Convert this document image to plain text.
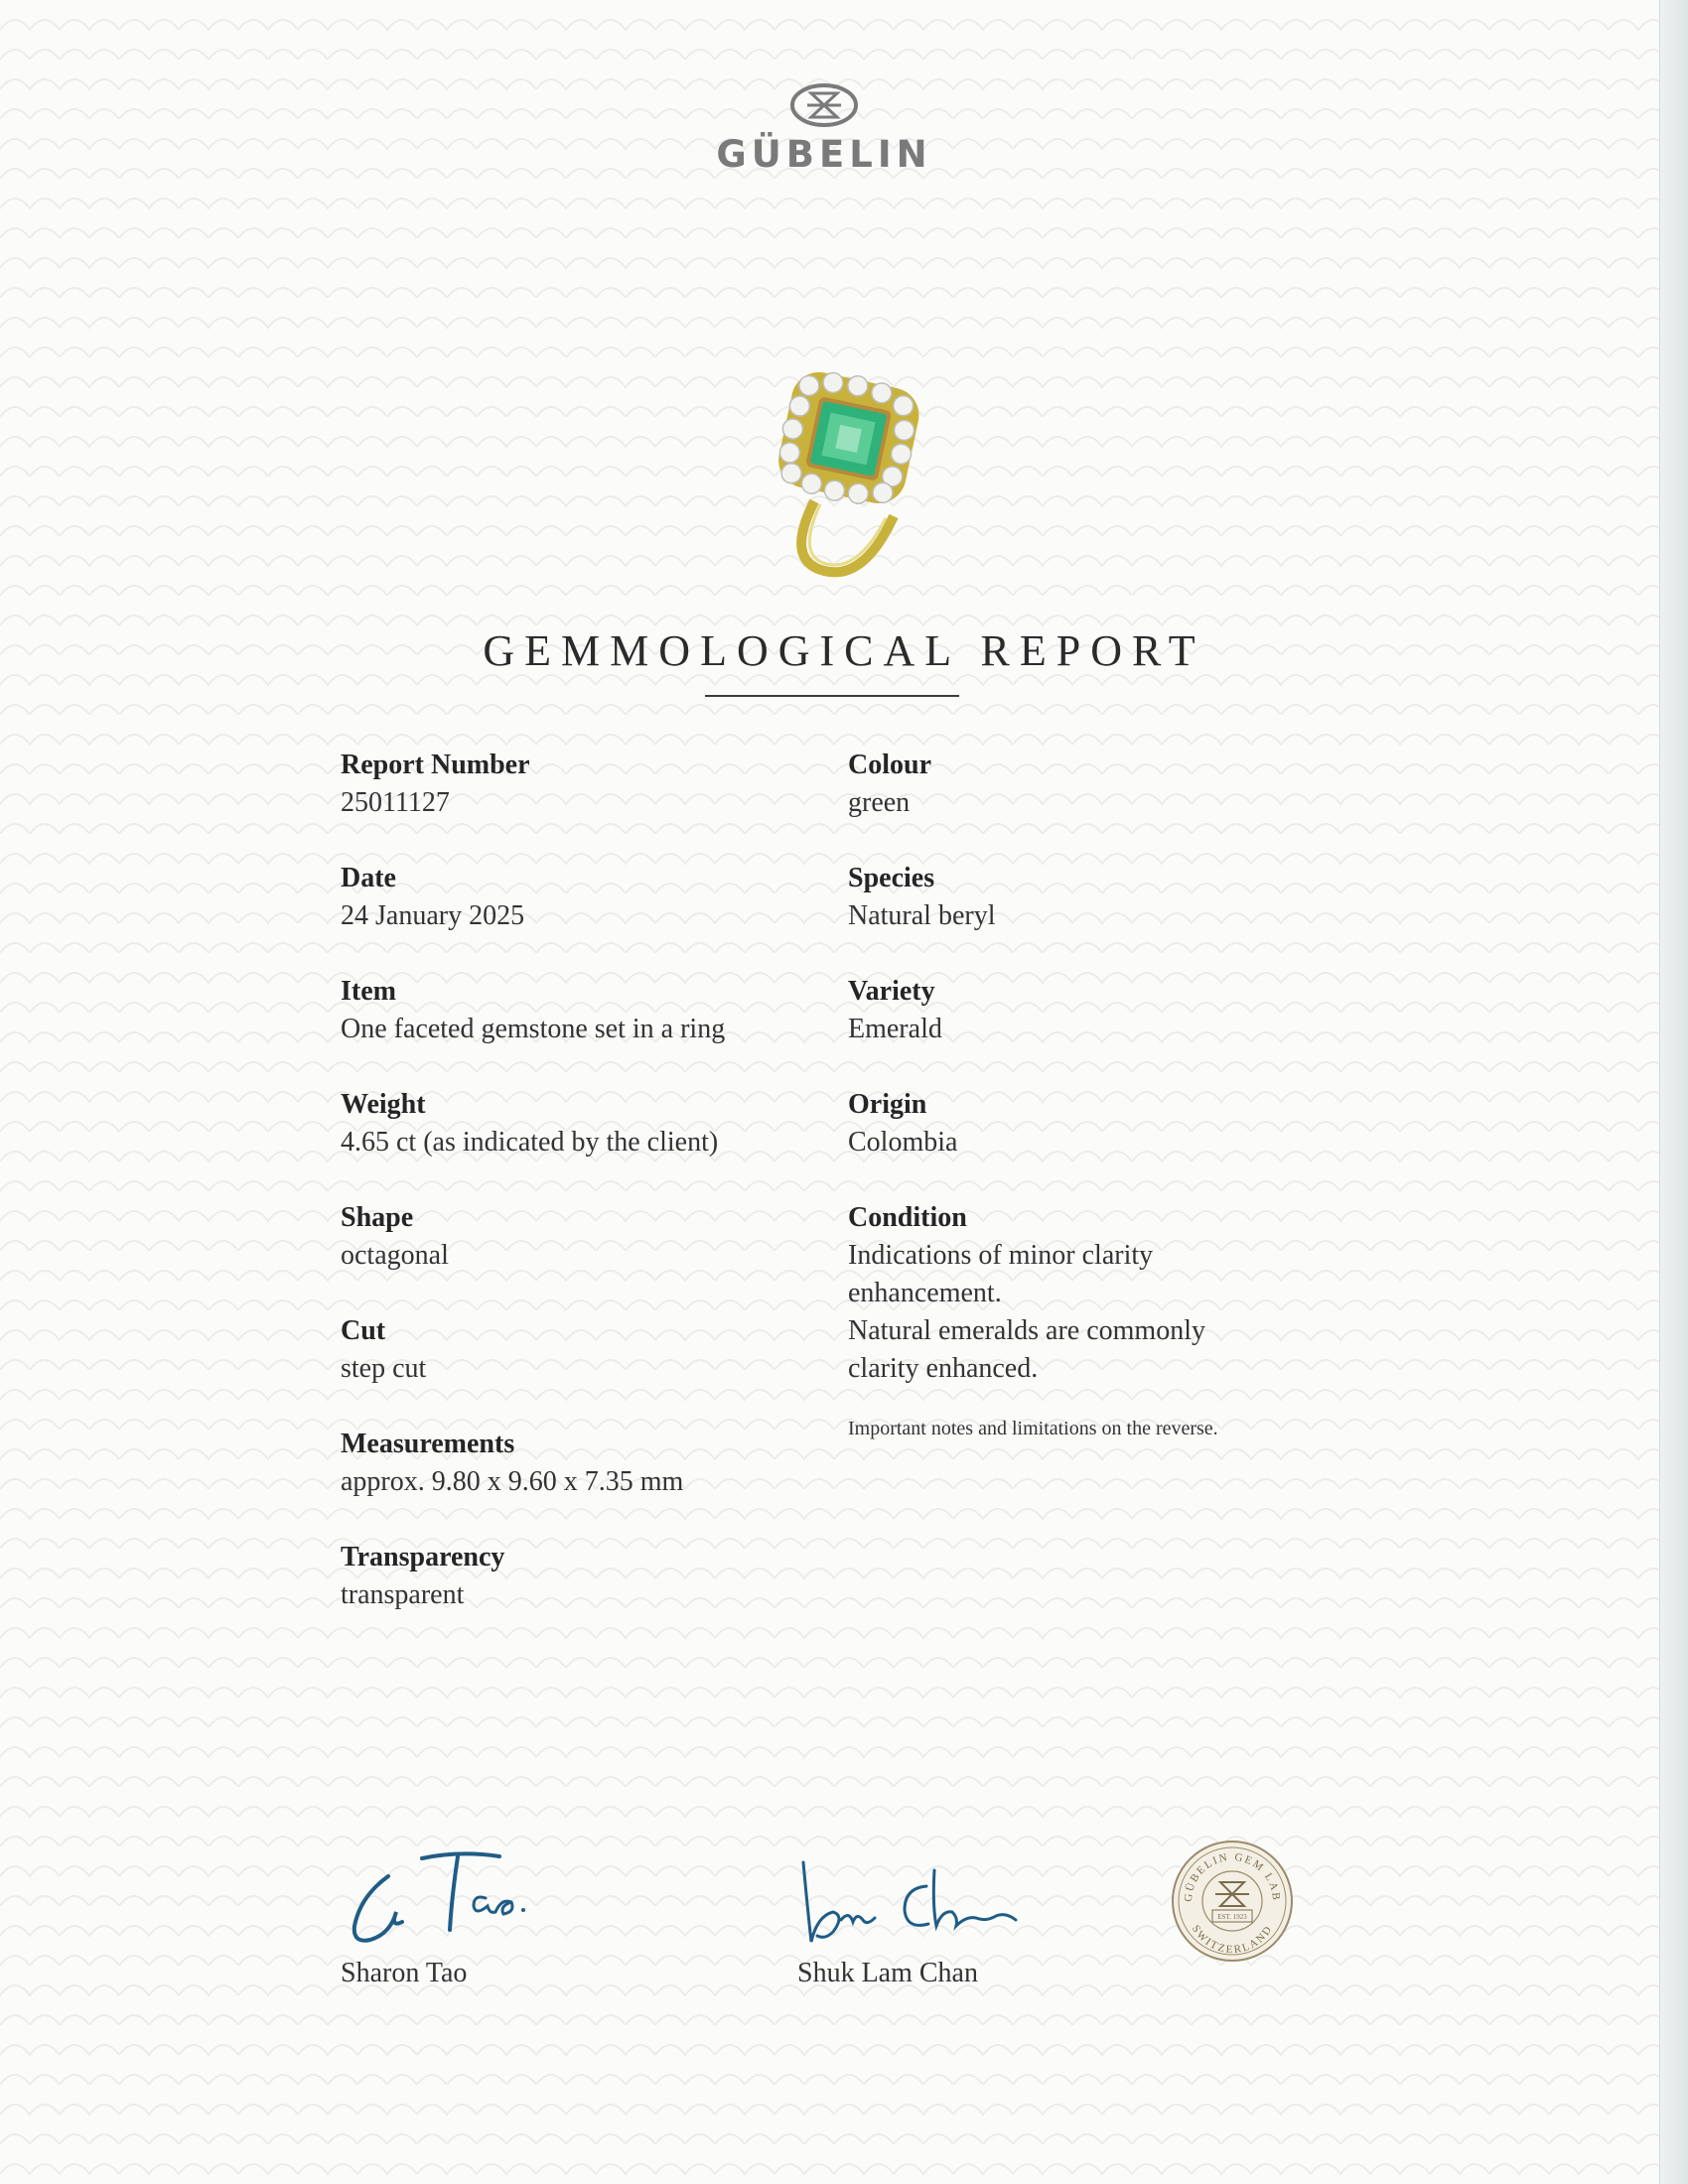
GÜBELIN
GEMMOLOGICAL REPORT
Report Number
25011127
Date
24 January 2025
Item
One faceted gemstone set in a ring
Weight
4.65 ct (as indicated by the client)
Shape
octagonal
Cut
step cut
Measurements
approx. 9.80 x 9.60 x 7.35 mm
Transparency
transparent
Colour
green
Species
Natural beryl
Variety
Emerald
Origin
Colombia
Condition
Indications of minor clarity
enhancement.
Natural emeralds are commonly
clarity enhanced.
Important notes and limitations on the reverse.
Sharon Tao	Shuk Lam Chan
GÜBELIN GEM LAB
SWITZERLAND
EST. 1923
